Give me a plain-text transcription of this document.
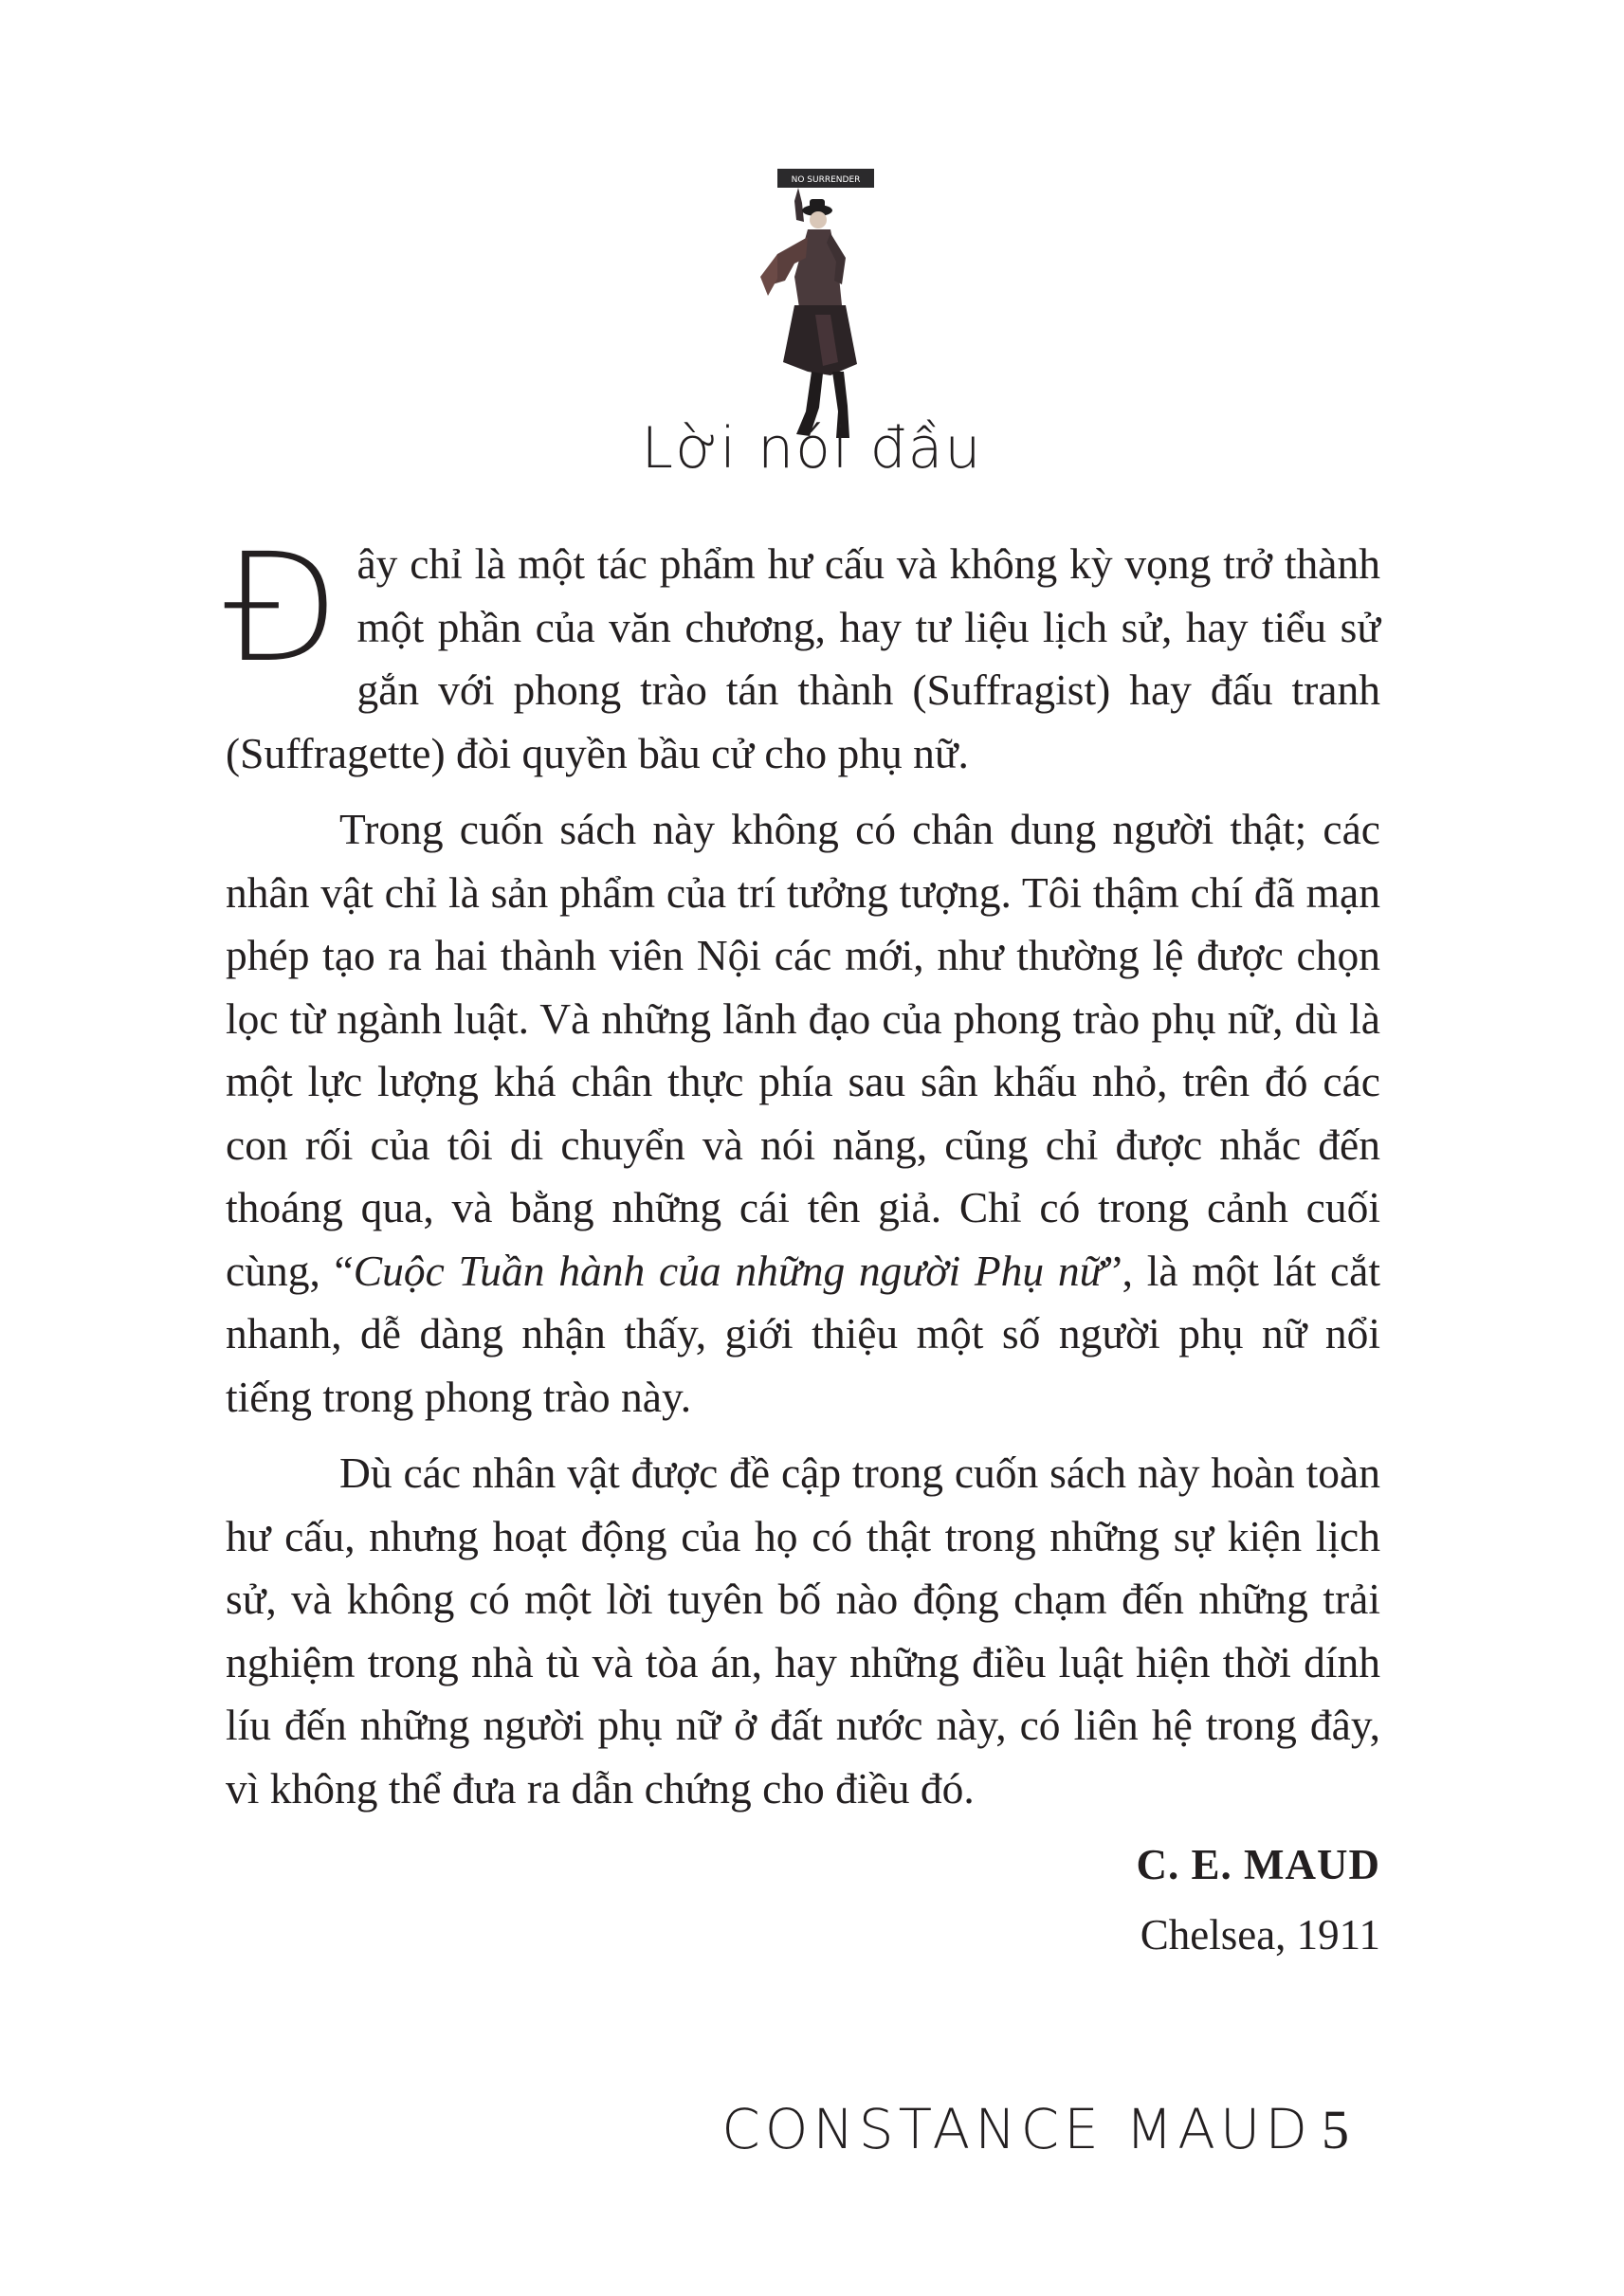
NO SURRENDER
Lời nói đầu

Đây chỉ là một tác phẩm hư cấu và không kỳ vọng trở thành một phần của văn chương, hay tư liệu lịch sử, hay tiểu sử gắn với phong trào tán thành (Suffragist) hay đấu tranh (Suffragette) đòi quyền bầu cử cho phụ nữ.

Trong cuốn sách này không có chân dung người thật; các nhân vật chỉ là sản phẩm của trí tưởng tượng. Tôi thậm chí đã mạn phép tạo ra hai thành viên Nội các mới, như thường lệ được chọn lọc từ ngành luật. Và những lãnh đạo của phong trào phụ nữ, dù là một lực lượng khá chân thực phía sau sân khấu nhỏ, trên đó các con rối của tôi di chuyển và nói năng, cũng chỉ được nhắc đến thoáng qua, và bằng những cái tên giả. Chỉ có trong cảnh cuối cùng, “Cuộc Tuần hành của những người Phụ nữ”, là một lát cắt nhanh, dễ dàng nhận thấy, giới thiệu một số người phụ nữ nổi tiếng trong phong trào này.

Dù các nhân vật được đề cập trong cuốn sách này hoàn toàn hư cấu, nhưng hoạt động của họ có thật trong những sự kiện lịch sử, và không có một lời tuyên bố nào động chạm đến những trải nghiệm trong nhà tù và tòa án, hay những điều luật hiện thời dính líu đến những người phụ nữ ở đất nước này, có liên hệ trong đây, vì không thể đưa ra dẫn chứng cho điều đó.

C. E. MAUD
Chelsea, 1911
CONSTANCE MAUD 5
